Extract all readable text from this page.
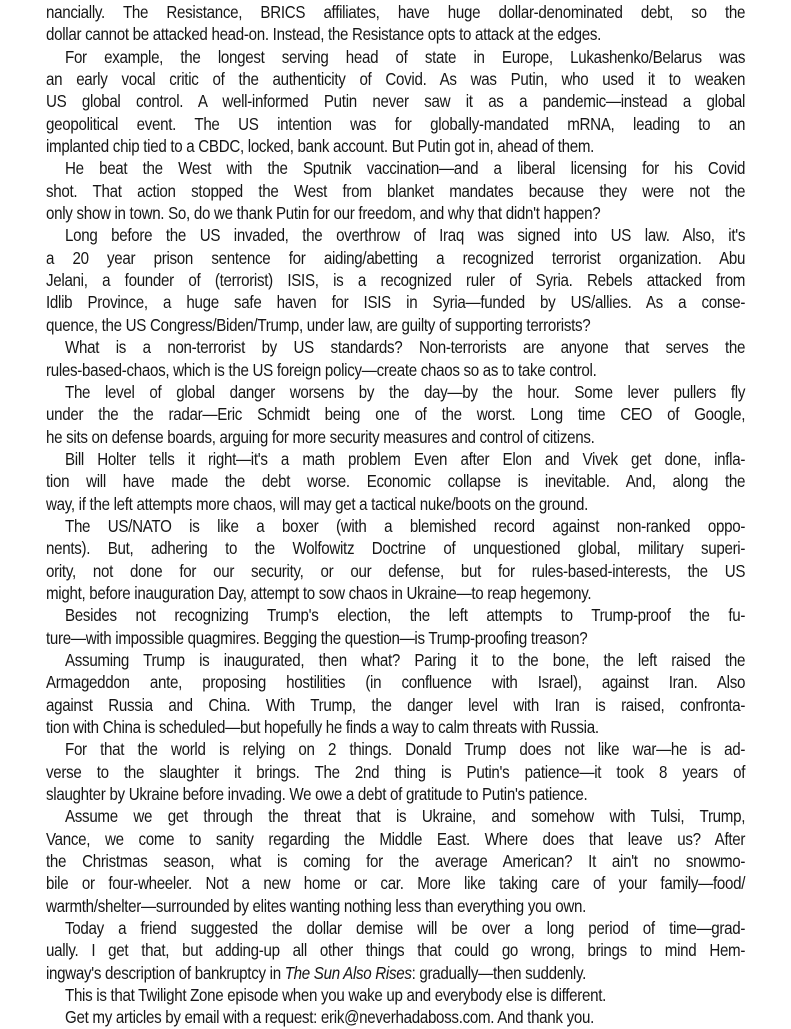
nancially. The Resistance, BRICS affiliates, have huge dollar-denominated debt, so the
dollar cannot be attacked head-on. Instead, the Resistance opts to attack at the edges.
For example, the longest serving head of state in Europe, Lukashenko/Belarus was
an early vocal critic of the authenticity of Covid. As was Putin, who used it to weaken
US global control. A well-informed Putin never saw it as a pandemic—instead a global
geopolitical event. The US intention was for globally-mandated mRNA, leading to an
implanted chip tied to a CBDC, locked, bank account. But Putin got in, ahead of them.
He beat the West with the Sputnik vaccination—and a liberal licensing for his Covid
shot. That action stopped the West from blanket mandates because they were not the
only show in town. So, do we thank Putin for our freedom, and why that didn't happen?
Long before the US invaded, the overthrow of Iraq was signed into US law. Also, it's
a 20 year prison sentence for aiding/abetting a recognized terrorist organization. Abu
Jelani, a founder of (terrorist) ISIS, is a recognized ruler of Syria. Rebels attacked from
Idlib Province, a huge safe haven for ISIS in Syria—funded by US/allies. As a conse-
quence, the US Congress/Biden/Trump, under law, are guilty of supporting terrorists?
What is a non-terrorist by US standards? Non-terrorists are anyone that serves the
rules-based-chaos, which is the US foreign policy—create chaos so as to take control.
The level of global danger worsens by the day—by the hour. Some lever pullers fly
under the the radar—Eric Schmidt being one of the worst. Long time CEO of Google,
he sits on defense boards, arguing for more security measures and control of citizens.
Bill Holter tells it right—it's a math problem Even after Elon and Vivek get done, infla-
tion will have made the debt worse. Economic collapse is inevitable. And, along the
way, if the left attempts more chaos, will may get a tactical nuke/boots on the ground.
The US/NATO is like a boxer (with a blemished record against non-ranked oppo-
nents). But, adhering to the Wolfowitz Doctrine of unquestioned global, military superi-
ority, not done for our security, or our defense, but for rules-based-interests, the US
might, before inauguration Day, attempt to sow chaos in Ukraine—to reap hegemony.
Besides not recognizing Trump's election, the left attempts to Trump-proof the fu-
ture—with impossible quagmires. Begging the question—is Trump-proofing treason?
Assuming Trump is inaugurated, then what? Paring it to the bone, the left raised the
Armageddon ante, proposing hostilities (in confluence with Israel), against Iran. Also
against Russia and China. With Trump, the danger level with Iran is raised, confronta-
tion with China is scheduled—but hopefully he finds a way to calm threats with Russia.
For that the world is relying on 2 things. Donald Trump does not like war—he is ad-
verse to the slaughter it brings. The 2nd thing is Putin's patience—it took 8 years of
slaughter by Ukraine before invading. We owe a debt of gratitude to Putin's patience.
Assume we get through the threat that is Ukraine, and somehow with Tulsi, Trump,
Vance, we come to sanity regarding the Middle East. Where does that leave us? After
the Christmas season, what is coming for the average American? It ain't no snowmo-
bile or four-wheeler. Not a new home or car. More like taking care of your family—food/
warmth/shelter—surrounded by elites wanting nothing less than everything you own.
Today a friend suggested the dollar demise will be over a long period of time—grad-
ually. I get that, but adding-up all other things that could go wrong, brings to mind Hem-
ingway's description of bankruptcy in The Sun Also Rises: gradually—then suddenly.
This is that Twilight Zone episode when you wake up and everybody else is different.
Get my articles by email with a request: erik@neverhadaboss.com. And thank you.
